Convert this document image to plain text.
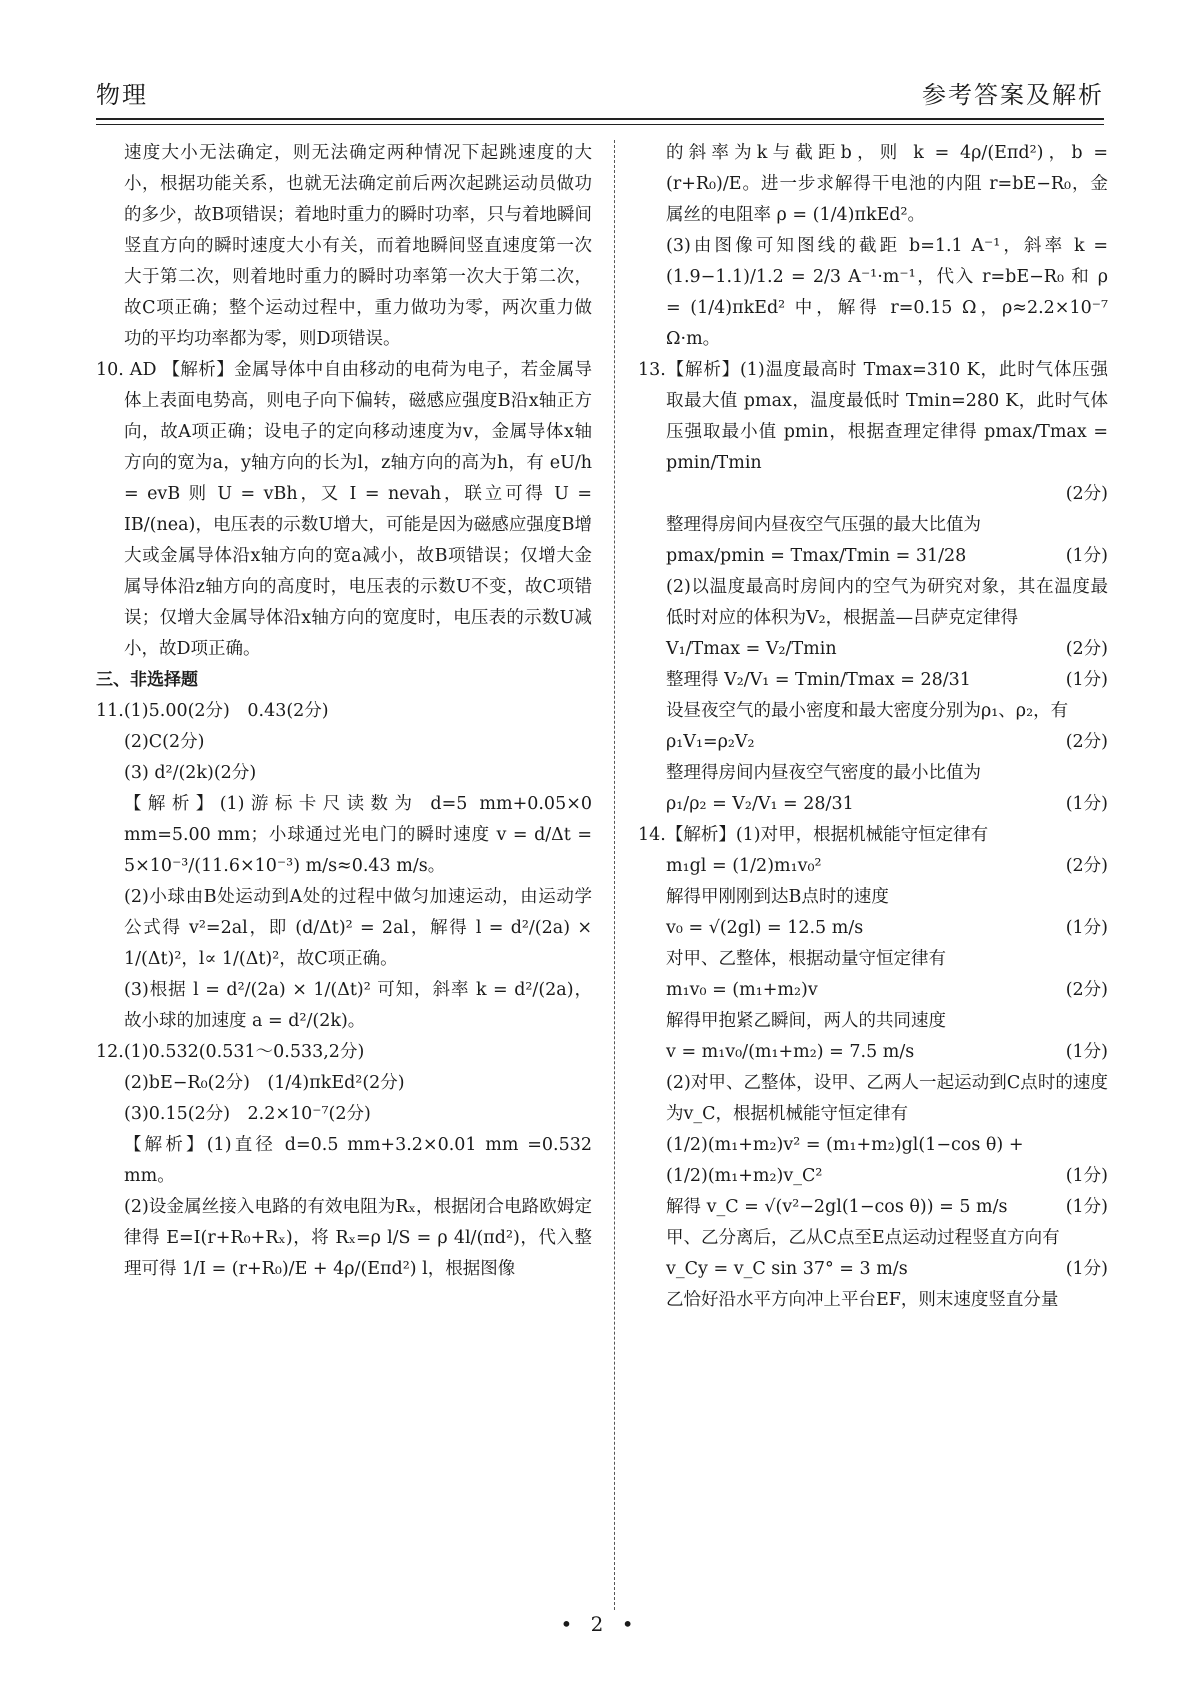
物理	参考答案及解析

速度大小无法确定，则无法确定两种情况下起跳速度的大小，根据功能关系，也就无法确定前后两次起跳运动员做功的多少，故B项错误；着地时重力的瞬时功率，只与着地瞬间竖直方向的瞬时速度大小有关，而着地瞬间竖直速度第一次大于第二次，则着地时重力的瞬时功率第一次大于第二次，故C项正确；整个运动过程中，重力做功为零，两次重力做功的平均功率都为零，则D项错误。

10. AD 【解析】金属导体中自由移动的电荷为电子，若金属导体上表面电势高，则电子向下偏转，磁感应强度B沿x轴正方向，故A项正确；设电子的定向移动速度为v，金属导体x轴方向的宽为a，y轴方向的长为l，z轴方向的高为h，有 eU/h = evB 则 U = vBh，又 I = nevah，联立可得 U = IB/(nea)，电压表的示数U增大，可能是因为磁感应强度B增大或金属导体沿x轴方向的宽a减小，故B项错误；仅增大金属导体沿z轴方向的高度时，电压表的示数U不变，故C项错误；仅增大金属导体沿x轴方向的宽度时，电压表的示数U减小，故D项正确。

三、非选择题

11.(1)5.00(2分)　0.43(2分)

(2)C(2分)

(3) d²/(2k)(2分)

【解析】(1)游标卡尺读数为 d=5 mm+0.05×0 mm=5.00 mm；小球通过光电门的瞬时速度 v = d/Δt = 5×10⁻³/(11.6×10⁻³) m/s≈0.43 m/s。

(2)小球由B处运动到A处的过程中做匀加速运动，由运动学公式得 v²=2al，即 (d/Δt)² = 2al，解得 l = d²/(2a) × 1/(Δt)²，l∝ 1/(Δt)²，故C项正确。

(3)根据 l = d²/(2a) × 1/(Δt)² 可知，斜率 k = d²/(2a)，故小球的加速度 a = d²/(2k)。

12.(1)0.532(0.531～0.533,2分)

(2)bE−R₀(2分)　(1/4)πkEd²(2分)

(3)0.15(2分)　2.2×10⁻⁷(2分)

【解析】(1)直径 d=0.5 mm+3.2×0.01 mm =0.532 mm。

(2)设金属丝接入电路的有效电阻为Rₓ，根据闭合电路欧姆定律得 E=I(r+R₀+Rₓ)，将 Rₓ=ρ l/S = ρ 4l/(πd²)，代入整理可得 1/I = (r+R₀)/E + 4ρ/(Eπd²) l，根据图像

的斜率为k与截距b，则 k = 4ρ/(Eπd²)，b = (r+R₀)/E。进一步求解得干电池的内阻 r=bE−R₀，金属丝的电阻率 ρ = (1/4)πkEd²。

(3)由图像可知图线的截距 b=1.1 A⁻¹，斜率 k = (1.9−1.1)/1.2 = 2/3 A⁻¹·m⁻¹，代入 r=bE−R₀ 和 ρ = (1/4)πkEd² 中，解得 r=0.15 Ω，ρ≈2.2×10⁻⁷ Ω·m。

13.【解析】(1)温度最高时 Tmax=310 K，此时气体压强取最大值 pmax，温度最低时 Tmin=280 K，此时气体压强取最小值 pmin，根据查理定律得 pmax/Tmax = pmin/Tmin

(2分)

整理得房间内昼夜空气压强的最大比值为

pmax/pmin = Tmax/Tmin = 31/28	(1分)

(2)以温度最高时房间内的空气为研究对象，其在温度最低时对应的体积为V₂，根据盖—吕萨克定律得

V₁/Tmax = V₂/Tmin	(2分)
整理得 V₂/V₁ = Tmin/Tmax = 28/31	(1分)

设昼夜空气的最小密度和最大密度分别为ρ₁、ρ₂，有

ρ₁V₁=ρ₂V₂	(2分)

整理得房间内昼夜空气密度的最小比值为

ρ₁/ρ₂ = V₂/V₁ = 28/31	(1分)

14.【解析】(1)对甲，根据机械能守恒定律有

m₁gl = (1/2)m₁v₀²	(2分)

解得甲刚刚到达B点时的速度

v₀ = √(2gl) = 12.5 m/s	(1分)

对甲、乙整体，根据动量守恒定律有

m₁v₀ = (m₁+m₂)v	(2分)

解得甲抱紧乙瞬间，两人的共同速度

v = m₁v₀/(m₁+m₂) = 7.5 m/s	(1分)

(2)对甲、乙整体，设甲、乙两人一起运动到C点时的速度为v_C，根据机械能守恒定律有

(1/2)(m₁+m₂)v² = (m₁+m₂)gl(1−cos θ) +

(1/2)(m₁+m₂)v_C²	(1分)
解得 v_C = √(v²−2gl(1−cos θ)) = 5 m/s	(1分)

甲、乙分离后，乙从C点至E点运动过程竖直方向有

v_Cy = v_C sin 37° = 3 m/s	(1分)

乙恰好沿水平方向冲上平台EF，则末速度竖直分量

• 2 •
